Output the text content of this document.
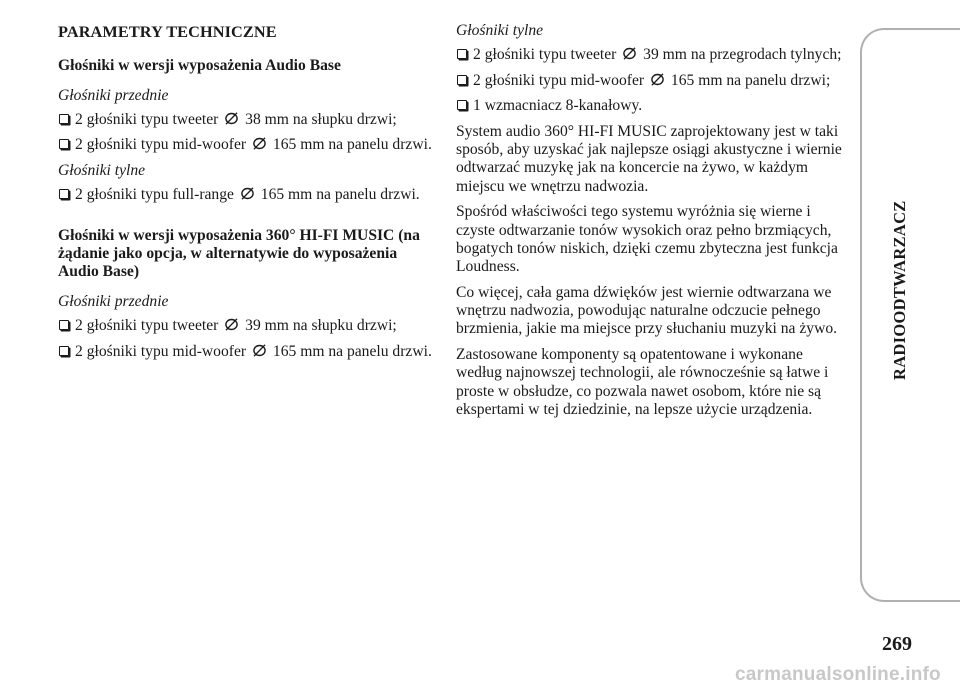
PARAMETRY TECHNICZNE
Głośniki w wersji wyposażenia Audio Base
Głośniki przednie
2 głośniki typu tweeter 38 mm na słupku drzwi;
2 głośniki typu mid-woofer 165 mm na panelu drzwi.
Głośniki tylne
2 głośniki typu full-range 165 mm na panelu drzwi.
Głośniki w wersji wyposażenia 360° HI-FI MUSIC (na żądanie jako opcja, w alternatywie do wyposażenia Audio Base)
Głośniki przednie
2 głośniki typu tweeter 39 mm na słupku drzwi;
2 głośniki typu mid-woofer 165 mm na panelu drzwi.
Głośniki tylne
2 głośniki typu tweeter 39 mm na przegrodach tylnych;
2 głośniki typu mid-woofer 165 mm na panelu drzwi;
1 wzmacniacz 8-kanałowy.
System audio 360° HI-FI MUSIC zaprojektowany jest w taki sposób, aby uzyskać jak najlepsze osiągi akustyczne i wiernie odtwarzać muzykę jak na koncercie na żywo, w każdym miejscu we wnętrzu nadwozia.
Spośród właściwości tego systemu wyróżnia się wierne i czyste odtwarzanie tonów wysokich oraz pełno brzmiących, bogatych tonów niskich, dzięki czemu zbyteczna jest funkcja Loudness.
Co więcej, cała gama dźwięków jest wiernie odtwarzana we wnętrzu nadwozia, powodując naturalne odczucie pełnego brzmienia, jakie ma miejsce przy słuchaniu muzyki na żywo.
Zastosowane komponenty są opatentowane i wykonane według najnowszej technologii, ale równocześnie są łatwe i proste w obsłudze, co pozwala nawet osobom, które nie są ekspertami w tej dziedzinie, na lepsze użycie urządzenia.
RADIOODTWARZACZ
269
carmanualsonline.info
